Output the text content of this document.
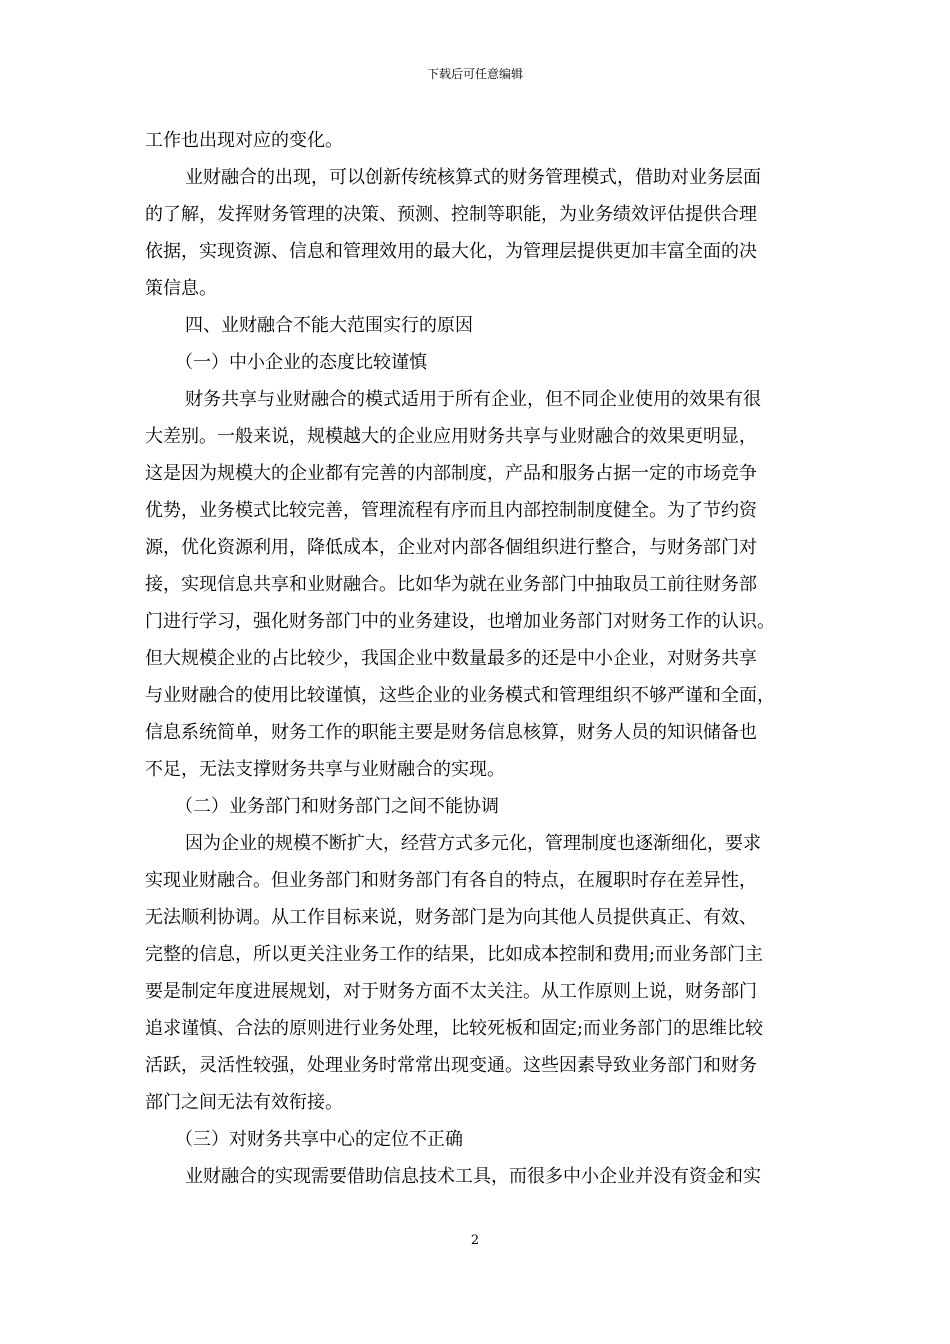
下载后可任意编辑
工作也出现对应的变化。
业财融合的出现，可以创新传统核算式的财务管理模式，借助对业务层面
的了解，发挥财务管理的决策、预测、控制等职能，为业务绩效评估提供合理
依据，实现资源、信息和管理效用的最大化，为管理层提供更加丰富全面的决
策信息。
四、业财融合不能大范围实行的原因
（一）中小企业的态度比较谨慎
财务共享与业财融合的模式适用于所有企业，但不同企业使用的效果有很
大差别。一般来说，规模越大的企业应用财务共享与业财融合的效果更明显，
这是因为规模大的企业都有完善的内部制度，产品和服务占据一定的市场竞争
优势，业务模式比较完善，管理流程有序而且内部控制制度健全。为了节约资
源，优化资源利用，降低成本，企业对内部各個组织进行整合，与财务部门对
接，实现信息共享和业财融合。比如华为就在业务部门中抽取员工前往财务部
门进行学习，强化财务部门中的业务建设，也增加业务部门对财务工作的认识。
但大规模企业的占比较少，我国企业中数量最多的还是中小企业，对财务共享
与业财融合的使用比较谨慎，这些企业的业务模式和管理组织不够严谨和全面，
信息系统简单，财务工作的职能主要是财务信息核算，财务人员的知识储备也
不足，无法支撑财务共享与业财融合的实现。
（二）业务部门和财务部门之间不能协调
因为企业的规模不断扩大，经营方式多元化，管理制度也逐渐细化，要求
实现业财融合。但业务部门和财务部门有各自的特点，在履职时存在差异性，
无法顺利协调。从工作目标来说，财务部门是为向其他人员提供真正、有效、
完整的信息，所以更关注业务工作的结果，比如成本控制和费用;而业务部门主
要是制定年度进展规划，对于财务方面不太关注。从工作原则上说，财务部门
追求谨慎、合法的原则进行业务处理，比较死板和固定;而业务部门的思维比较
活跃，灵活性较强，处理业务时常常出现变通。这些因素导致业务部门和财务
部门之间无法有效衔接。
（三）对财务共享中心的定位不正确
业财融合的实现需要借助信息技术工具，而很多中小企业并没有资金和实
2
